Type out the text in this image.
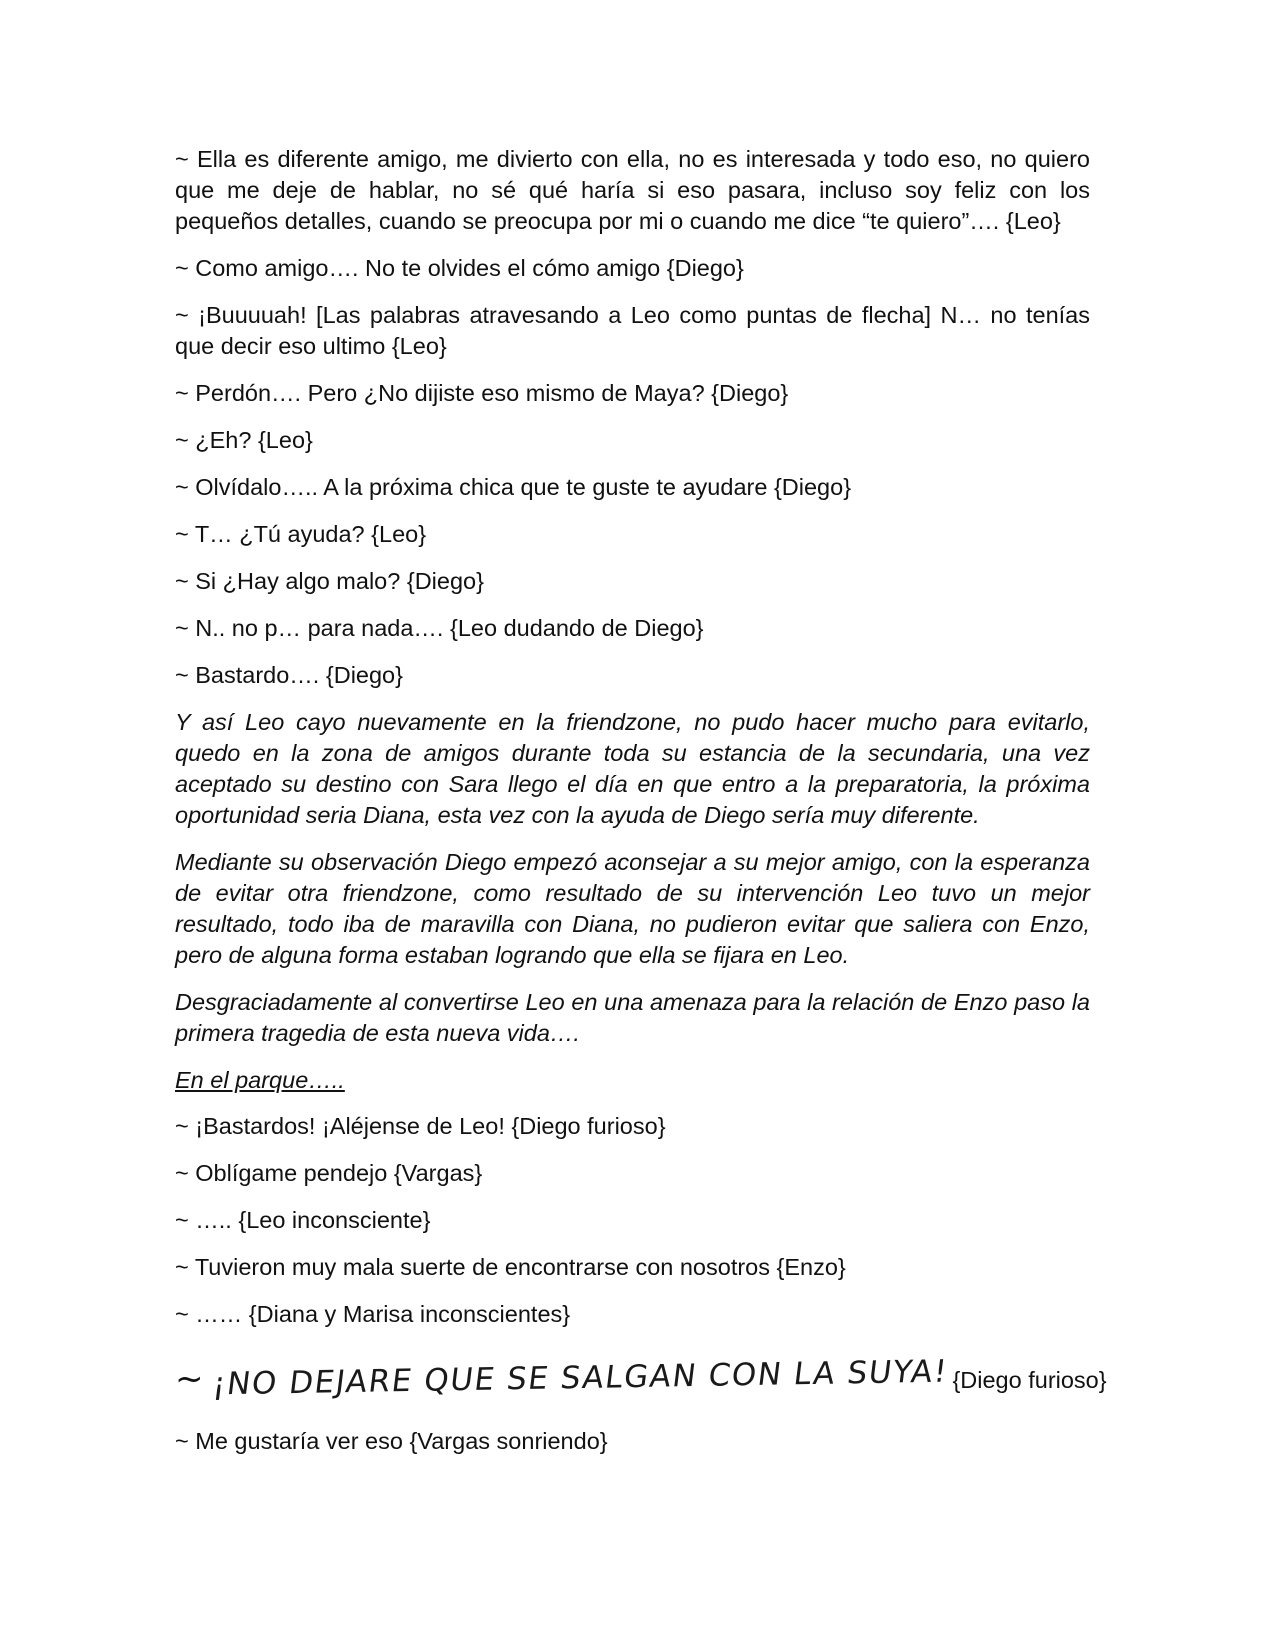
~ Ella es diferente amigo, me divierto con ella, no es interesada y todo eso, no quiero que me deje de hablar, no sé qué haría si eso pasara, incluso soy feliz con los pequeños detalles, cuando se preocupa por mi o cuando me dice “te quiero”…. {Leo}

~ Como amigo…. No te olvides el cómo amigo {Diego}

~ ¡Buuuuah! [Las palabras atravesando a Leo como puntas de flecha] N… no tenías que decir eso ultimo {Leo}

~ Perdón…. Pero ¿No dijiste eso mismo de Maya? {Diego}

~ ¿Eh? {Leo}

~ Olvídalo….. A la próxima chica que te guste te ayudare {Diego}

~ T… ¿Tú ayuda? {Leo}

~ Si ¿Hay algo malo? {Diego}

~ N.. no p… para nada…. {Leo dudando de Diego}

~ Bastardo…. {Diego}

Y así Leo cayo nuevamente en la friendzone, no pudo hacer mucho para evitarlo, quedo en la zona de amigos durante toda su estancia de la secundaria, una vez aceptado su destino con Sara llego el día en que entro a la preparatoria, la próxima oportunidad seria Diana, esta vez con la ayuda de Diego sería muy diferente.

Mediante su observación Diego empezó aconsejar a su mejor amigo, con la esperanza de evitar otra friendzone, como resultado de su intervención Leo tuvo un mejor resultado, todo iba de maravilla con Diana, no pudieron evitar que saliera con Enzo, pero de alguna forma estaban logrando que ella se fijara en Leo.

Desgraciadamente al convertirse Leo en una amenaza para la relación de Enzo paso la primera tragedia de esta nueva vida….

En el parque…..

~ ¡Bastardos! ¡Aléjense de Leo! {Diego furioso}

~ Oblígame pendejo {Vargas}

~ ….. {Leo inconsciente}

~ Tuvieron muy mala suerte de encontrarse con nosotros {Enzo}

~ …… {Diana y Marisa inconscientes}

~ ¡NO DEJARE QUE SE SALGAN CON LA SUYA! {Diego furioso}

~ Me gustaría ver eso {Vargas sonriendo}
